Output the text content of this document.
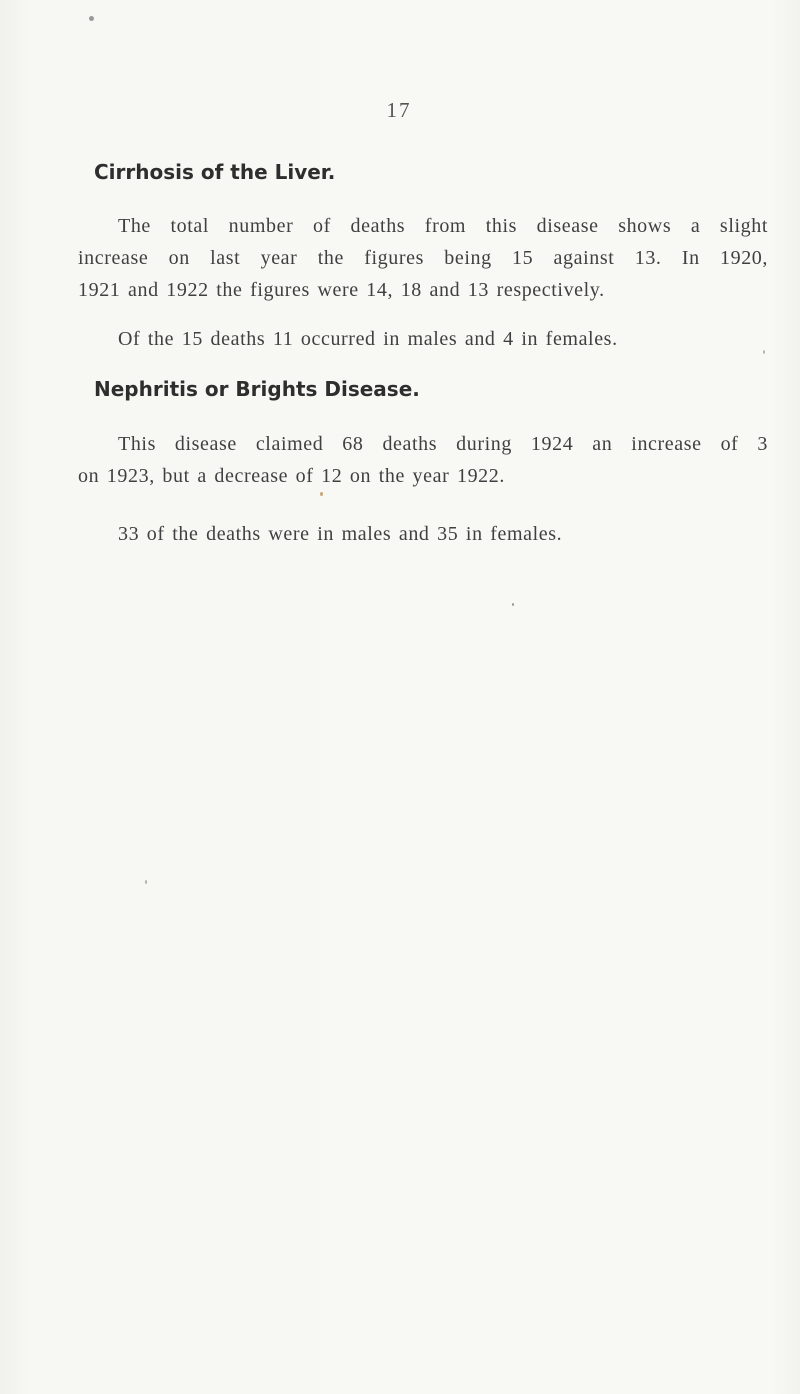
17
Cirrhosis of the Liver.
The total number of deaths from this disease shows a slight
increase on last year the figures being 15 against 13. In 1920,
1921 and 1922 the figures were 14, 18 and 13 respectively.
Of the 15 deaths 11 occurred in males and 4 in females.
Nephritis or Brights Disease.
This disease claimed 68 deaths during 1924 an increase of 3
on 1923, but a decrease of 12 on the year 1922.
33 of the deaths were in males and 35 in females.
